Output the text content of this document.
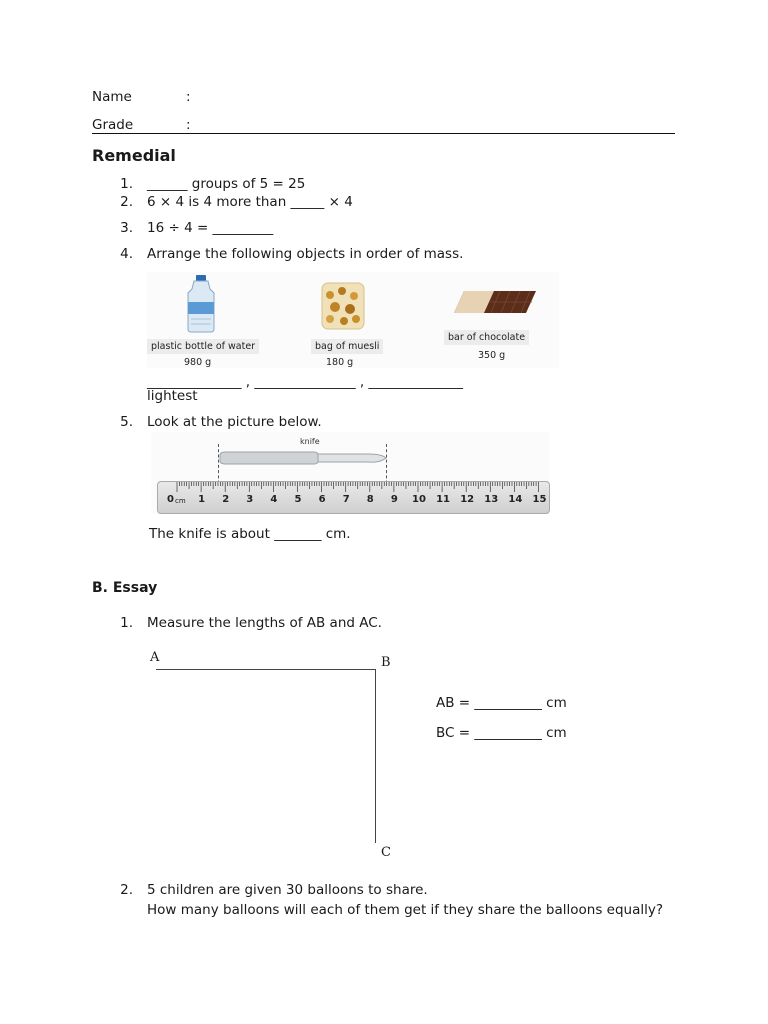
Name	:
Grade	:
Remedial
1. ______ groups of 5 = 25
2. 6 × 4 is 4 more than _____ × 4
3. 16 ÷ 4 = _________
4. Arrange the following objects in order of mass.
plastic bottle of water
980 g
bag of muesli
180 g
bar of chocolate
350 g
______________ , _______________ , ______________
lightest
5. Look at the picture below.
knife
0 cm 1 2 3 4 5 6 7 8 9 10 11 12 13 14 15
The knife is about _______ cm.
B. Essay
1. Measure the lengths of AB and AC.
A	B
C
AB = __________ cm
BC = __________ cm
2. 5 children are given 30 balloons to share.
How many balloons will each of them get if they share the balloons equally?
